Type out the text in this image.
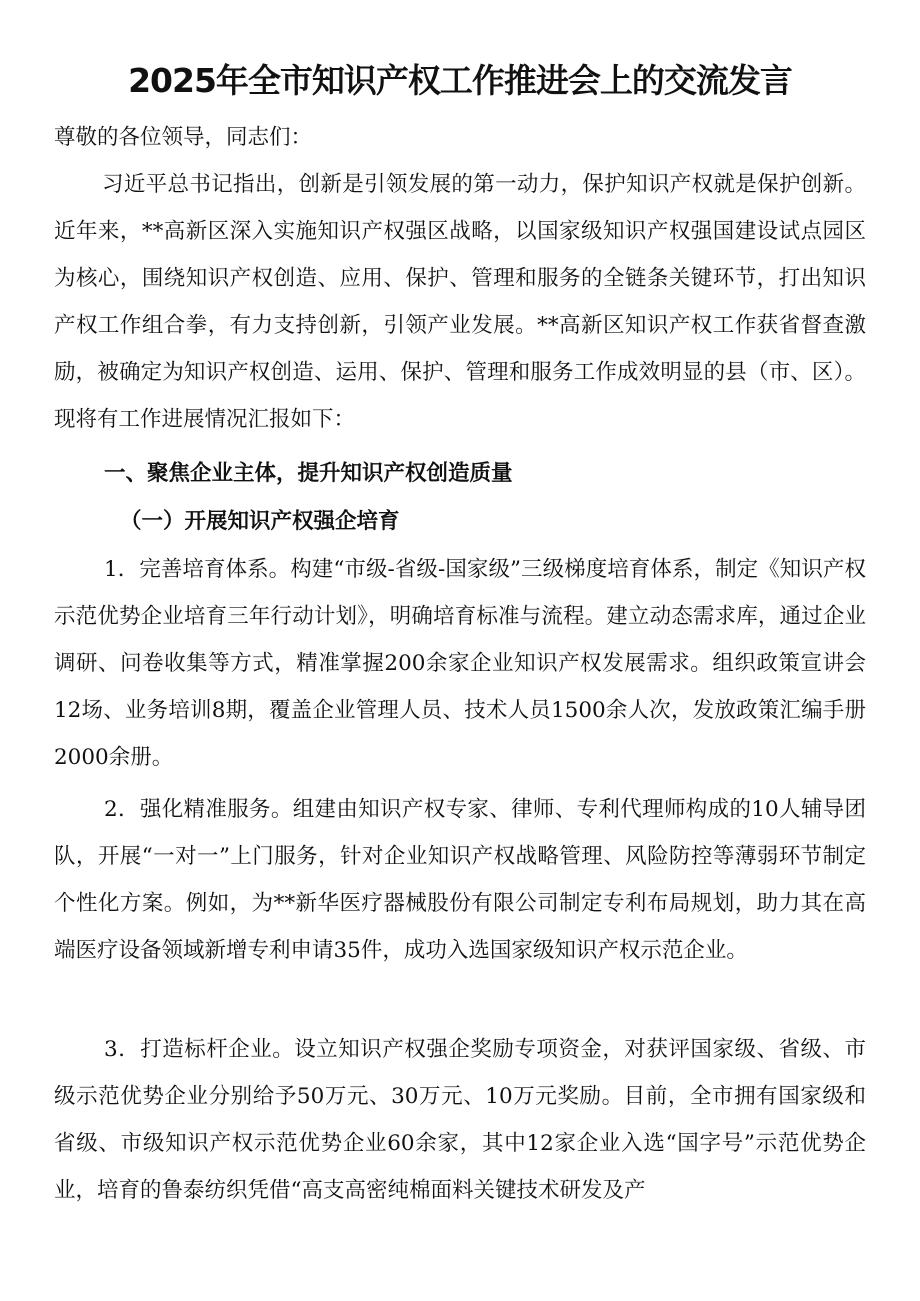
2025年全市知识产权工作推进会上的交流发言

尊敬的各位领导，同志们：

习近平总书记指出，创新是引领发展的第一动力，保护知识产权就是保护创新。近年来，**高新区深入实施知识产权强区战略，以国家级知识产权强国建设试点园区为核心，围绕知识产权创造、应用、保护、管理和服务的全链条关键环节，打出知识产权工作组合拳，有力支持创新，引领产业发展。**高新区知识产权工作获省督查激励，被确定为知识产权创造、运用、保护、管理和服务工作成效明显的县（市、区）。现将有工作进展情况汇报如下：

一、聚焦企业主体，提升知识产权创造质量

（一）开展知识产权强企培育

1．完善培育体系。构建“市级-省级-国家级”三级梯度培育体系，制定《知识产权示范优势企业培育三年行动计划》，明确培育标准与流程。建立动态需求库，通过企业调研、问卷收集等方式，精准掌握200余家企业知识产权发展需求。组织政策宣讲会12场、业务培训8期，覆盖企业管理人员、技术人员1500余人次，发放政策汇编手册2000余册。

2．强化精准服务。组建由知识产权专家、律师、专利代理师构成的10人辅导团队，开展“一对一”上门服务，针对企业知识产权战略管理、风险防控等薄弱环节制定个性化方案。例如，为**新华医疗器械股份有限公司制定专利布局规划，助力其在高端医疗设备领域新增专利申请35件，成功入选国家级知识产权示范企业。

3．打造标杆企业。设立知识产权强企奖励专项资金，对获评国家级、省级、市级示范优势企业分别给予50万元、30万元、10万元奖励。目前，全市拥有国家级和省级、市级知识产权示范优势企业60余家，其中12家企业入选“国字号”示范优势企业，培育的鲁泰纺织凭借“高支高密纯棉面料关键技术研发及产
